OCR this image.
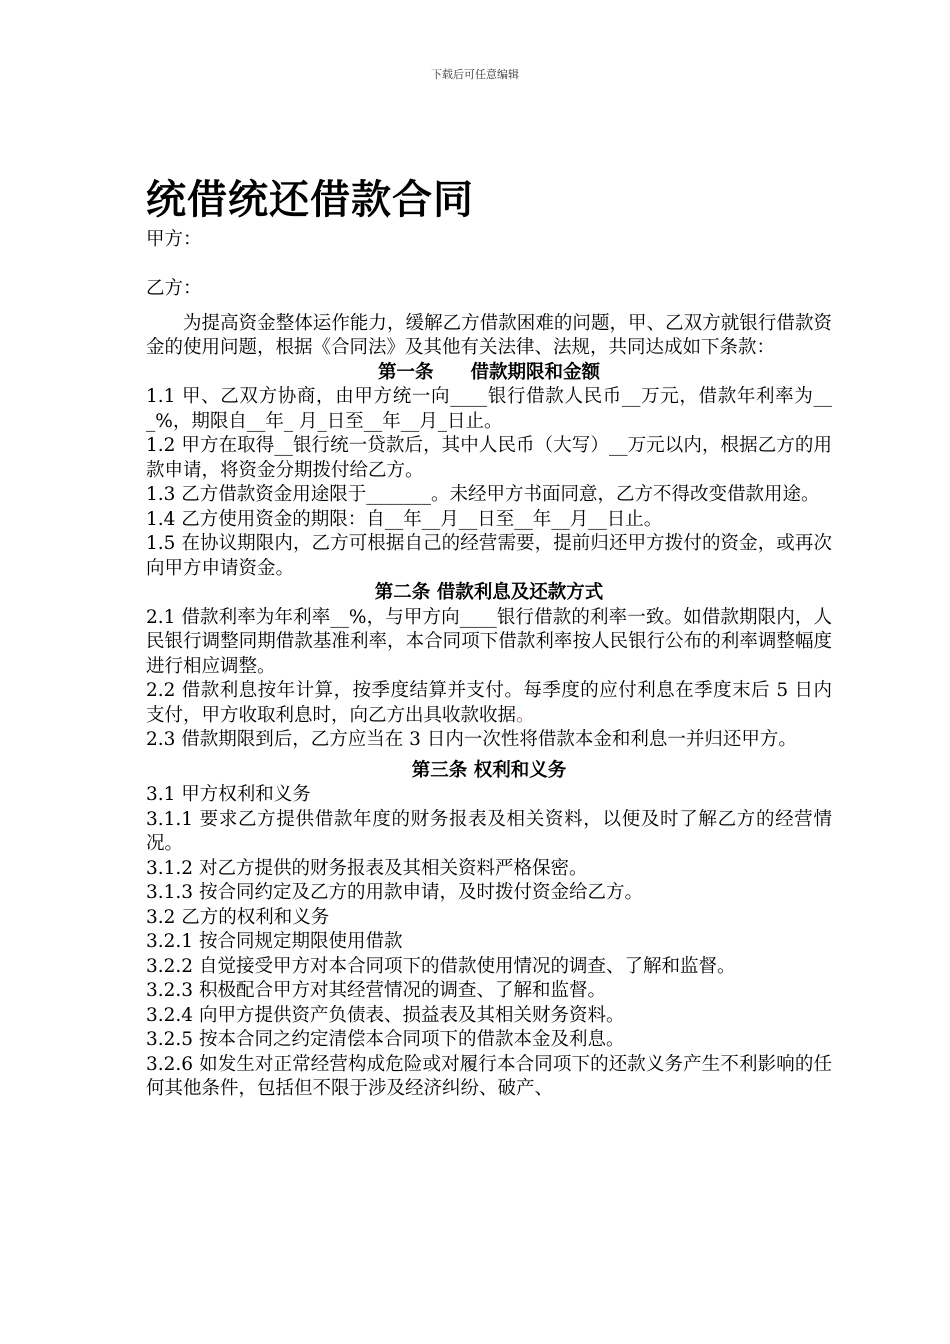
下载后可任意编辑
统借统还借款合同

甲方：

乙方：

为提高资金整体运作能力，缓解乙方借款困难的问题，甲、乙双方就银行借款资金的使用问题，根据《合同法》及其他有关法律、法规，共同达成如下条款：

第一条　　借款期限和金额

1.1 甲、乙双方协商，由甲方统一向____银行借款人民币__万元，借款年利率为___%，期限自__年_ 月_日至__年__月_日止。

1.2 甲方在取得__银行统一贷款后，其中人民币（大写）__万元以内，根据乙方的用款申请，将资金分期拨付给乙方。

1.3 乙方借款资金用途限于_______。未经甲方书面同意，乙方不得改变借款用途。

1.4 乙方使用资金的期限：自__年__月__日至__年__月__日止。

1.5 在协议期限内，乙方可根据自己的经营需要，提前归还甲方拨付的资金，或再次向甲方申请资金。

第二条 借款利息及还款方式

2.1 借款利率为年利率__%，与甲方向____银行借款的利率一致。如借款期限内，人民银行调整同期借款基准利率，本合同项下借款利率按人民银行公布的利率调整幅度进行相应调整。

2.2 借款利息按年计算，按季度结算并支付。每季度的应付利息在季度末后 5 日内支付，甲方收取利息时，向乙方出具收款收据。

2.3 借款期限到后，乙方应当在 3 日内一次性将借款本金和利息一并归还甲方。

第三条 权利和义务

3.1 甲方权利和义务

3.1.1 要求乙方提供借款年度的财务报表及相关资料，以便及时了解乙方的经营情况。

3.1.2 对乙方提供的财务报表及其相关资料严格保密。

3.1.3 按合同约定及乙方的用款申请，及时拨付资金给乙方。

3.2 乙方的权利和义务

3.2.1 按合同规定期限使用借款

3.2.2 自觉接受甲方对本合同项下的借款使用情况的调查、了解和监督。

3.2.3 积极配合甲方对其经营情况的调查、了解和监督。

3.2.4 向甲方提供资产负债表、损益表及其相关财务资料。

3.2.5 按本合同之约定清偿本合同项下的借款本金及利息。

3.2.6 如发生对正常经营构成危险或对履行本合同项下的还款义务产生不利影响的任何其他条件，包括但不限于涉及经济纠纷、破产、
